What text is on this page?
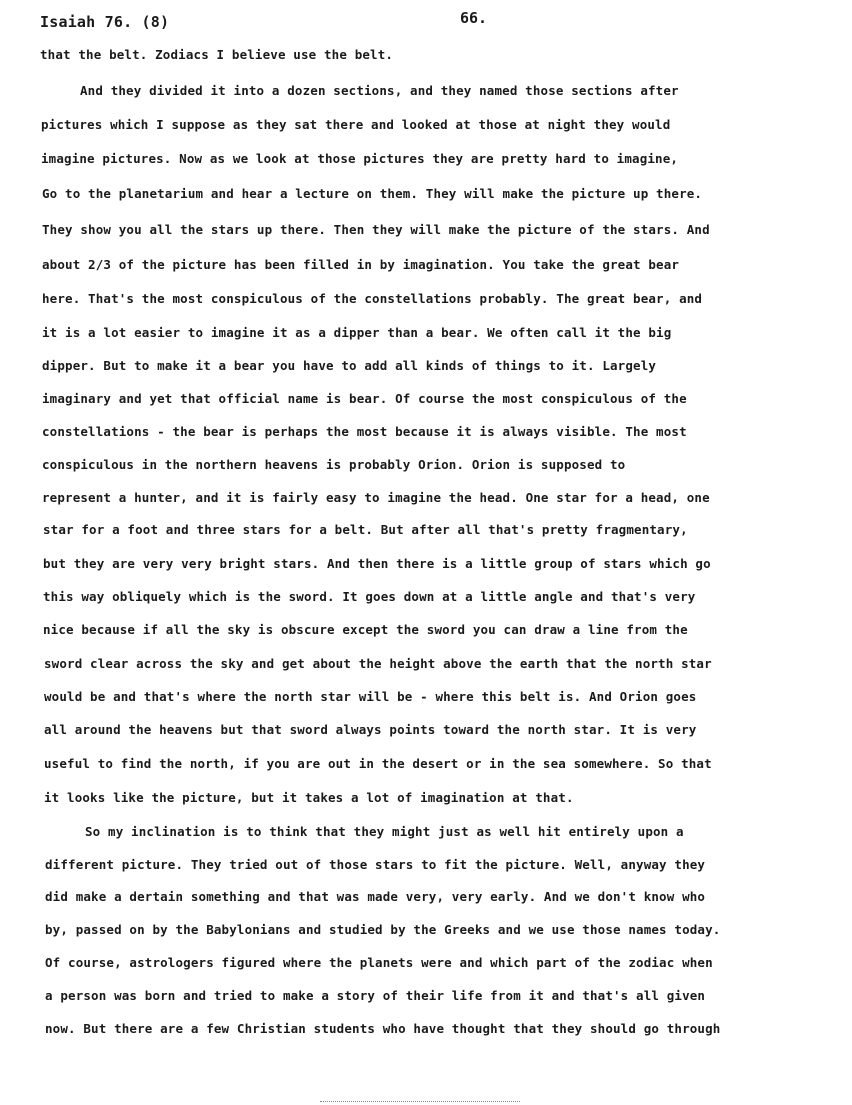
Isaiah 76. (8)	66.
that the belt. Zodiacs I believe use the belt.
And they divided it into a dozen sections, and they named those sections after
pictures which I suppose as they sat there and looked at those at night they would
imagine pictures. Now as we look at those pictures they are pretty hard to imagine,
Go to the planetarium and hear a lecture on them. They will make the picture up there.
They show you all the stars up there. Then they will make the picture of the stars. And
about 2/3 of the picture has been filled in by imagination. You take the great bear
here. That's the most conspiculous of the constellations probably. The great bear, and
it is a lot easier to imagine it as a dipper than a bear. We often call it the big
dipper. But to make it a bear you have to add all kinds of things to it. Largely
imaginary and yet that official name is bear. Of course the most conspiculous of the
constellations - the bear is perhaps the most because it is always visible. The most
conspiculous in the northern heavens is probably Orion. Orion is supposed to
represent a hunter, and it is fairly easy to imagine the head. One star for a head, one
star for a foot and three stars for a belt. But after all that's pretty fragmentary,
but they are very very bright stars. And then there is a little group of stars which go
this way obliquely which is the sword. It goes down at a little angle and that's very
nice because if all the sky is obscure except the sword you can draw a line from the
sword clear across the sky and get about the height above the earth that the north star
would be and that's where the north star will be - where this belt is. And Orion goes
all around the heavens but that sword always points toward the north star. It is very
useful to find the north, if you are out in the desert or in the sea somewhere. So that
it looks like the picture, but it takes a lot of imagination at that.
So my inclination is to think that they might just as well hit entirely upon a
different picture. They tried out of those stars to fit the picture. Well, anyway they
did make a dertain something and that was made very, very early. And we don't know who
by, passed on by the Babylonians and studied by the Greeks and we use those names today.
Of course, astrologers figured where the planets were and which part of the zodiac when
a person was born and tried to make a story of their life from it and that's all given
now. But there are a few Christian students who have thought that they should go through
